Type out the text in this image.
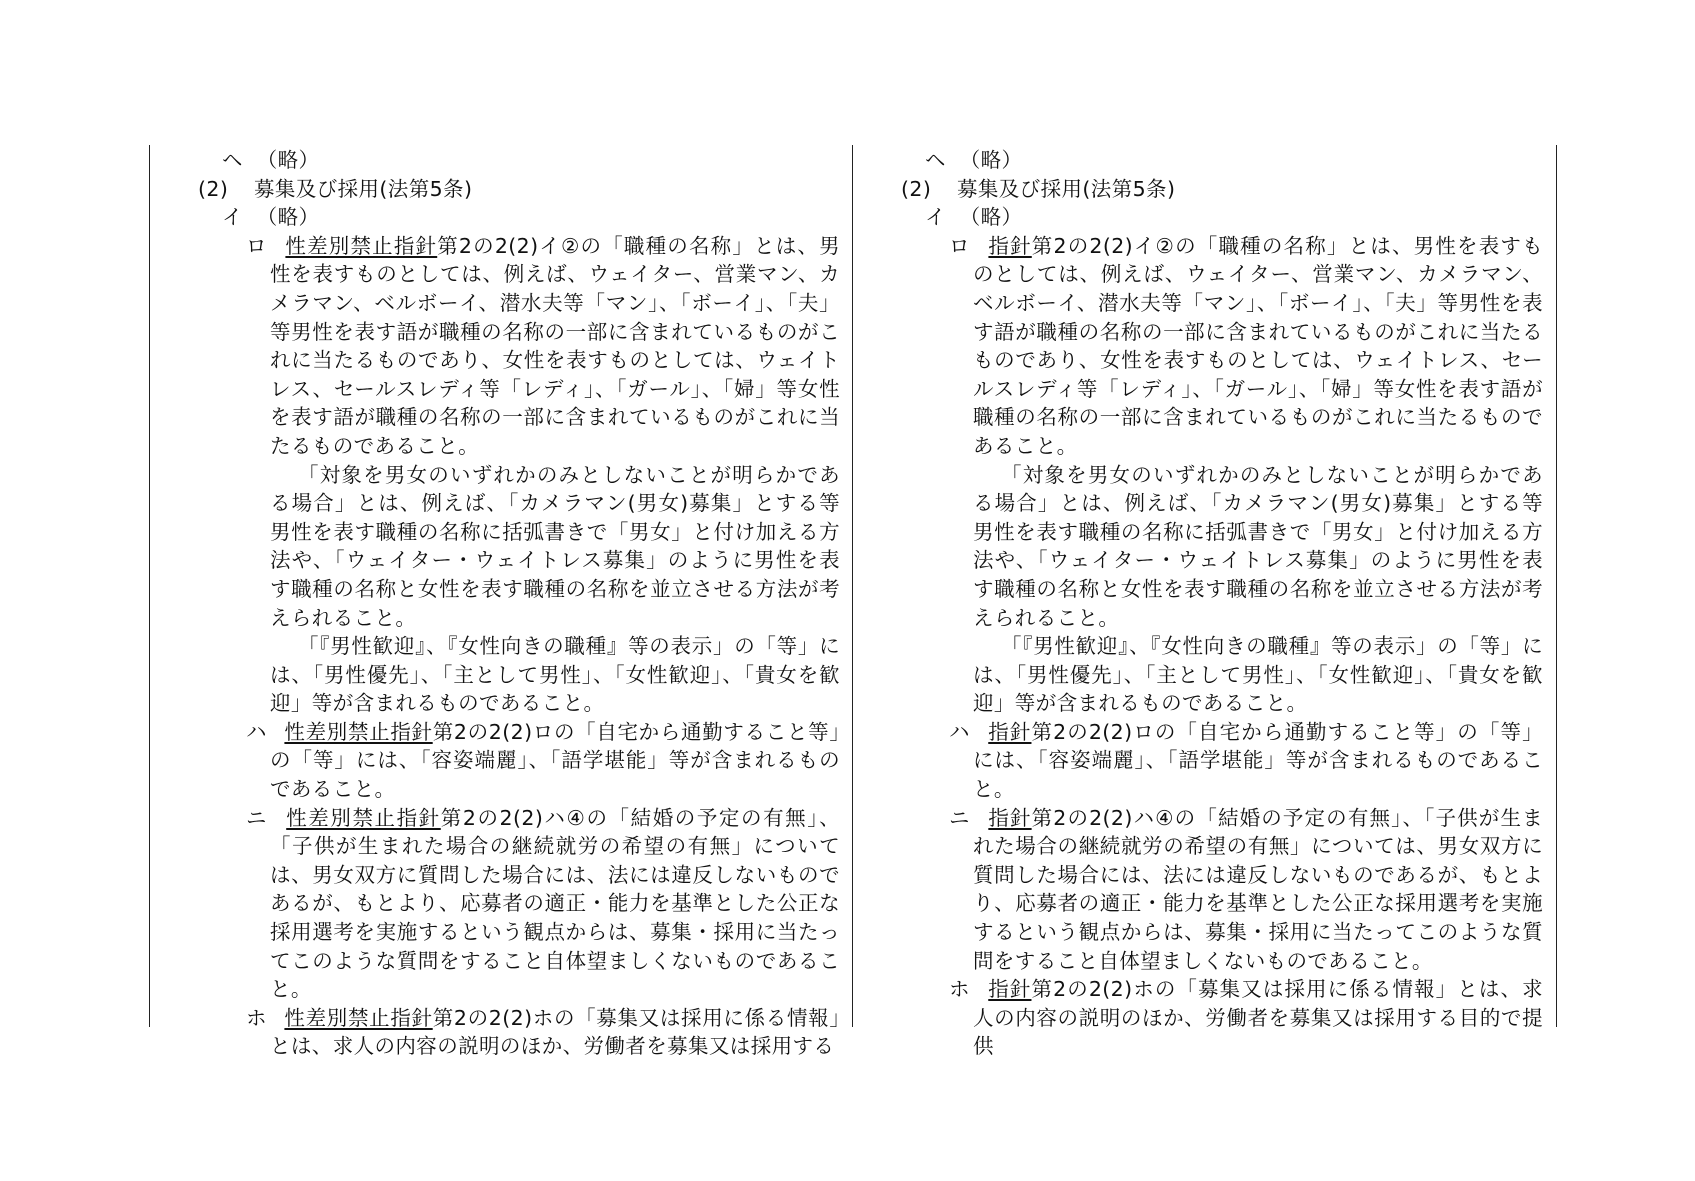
ヘ （略）
(2) 募集及び採用(法第5条)
イ （略）
ロ 性差別禁止指針第2の2(2)イ②の「職種の名称」とは、男性を表すものとしては、例えば、ウェイター、営業マン、カメラマン、ベルボーイ、潜水夫等「マン」、「ボーイ」、「夫」等男性を表す語が職種の名称の一部に含まれているものがこれに当たるものであり、女性を表すものとしては、ウェイトレス、セールスレディ等「レディ」、「ガール」、「婦」等女性を表す語が職種の名称の一部に含まれているものがこれに当たるものであること。
「対象を男女のいずれかのみとしないことが明らかである場合」とは、例えば、「カメラマン(男女)募集」とする等男性を表す職種の名称に括弧書きで「男女」と付け加える方法や、「ウェイター・ウェイトレス募集」のように男性を表す職種の名称と女性を表す職種の名称を並立させる方法が考えられること。
「『男性歓迎』、『女性向きの職種』等の表示」の「等」には、「男性優先」、「主として男性」、「女性歓迎」、「貴女を歓迎」等が含まれるものであること。
ハ 性差別禁止指針第2の2(2)ロの「自宅から通勤すること等」の「等」には、「容姿端麗」、「語学堪能」等が含まれるものであること。
ニ 性差別禁止指針第2の2(2)ハ④の「結婚の予定の有無」、「子供が生まれた場合の継続就労の希望の有無」については、男女双方に質問した場合には、法には違反しないものであるが、もとより、応募者の適正・能力を基準とした公正な採用選考を実施するという観点からは、募集・採用に当たってこのような質問をすること自体望ましくないものであること。
ホ 性差別禁止指針第2の2(2)ホの「募集又は採用に係る情報」とは、求人の内容の説明のほか、労働者を募集又は採用する
ヘ （略）
(2) 募集及び採用(法第5条)
イ （略）
ロ 指針第2の2(2)イ②の「職種の名称」とは、男性を表すものとしては、例えば、ウェイター、営業マン、カメラマン、ベルボーイ、潜水夫等「マン」、「ボーイ」、「夫」等男性を表す語が職種の名称の一部に含まれているものがこれに当たるものであり、女性を表すものとしては、ウェイトレス、セールスレディ等「レディ」、「ガール」、「婦」等女性を表す語が職種の名称の一部に含まれているものがこれに当たるものであること。
「対象を男女のいずれかのみとしないことが明らかである場合」とは、例えば、「カメラマン(男女)募集」とする等男性を表す職種の名称に括弧書きで「男女」と付け加える方法や、「ウェイター・ウェイトレス募集」のように男性を表す職種の名称と女性を表す職種の名称を並立させる方法が考えられること。
「『男性歓迎』、『女性向きの職種』等の表示」の「等」には、「男性優先」、「主として男性」、「女性歓迎」、「貴女を歓迎」等が含まれるものであること。
ハ 指針第2の2(2)ロの「自宅から通勤すること等」の「等」には、「容姿端麗」、「語学堪能」等が含まれるものであること。
ニ 指針第2の2(2)ハ④の「結婚の予定の有無」、「子供が生まれた場合の継続就労の希望の有無」については、男女双方に質問した場合には、法には違反しないものであるが、もとより、応募者の適正・能力を基準とした公正な採用選考を実施するという観点からは、募集・採用に当たってこのような質問をすること自体望ましくないものであること。
ホ 指針第2の2(2)ホの「募集又は採用に係る情報」とは、求人の内容の説明のほか、労働者を募集又は採用する目的で提供
